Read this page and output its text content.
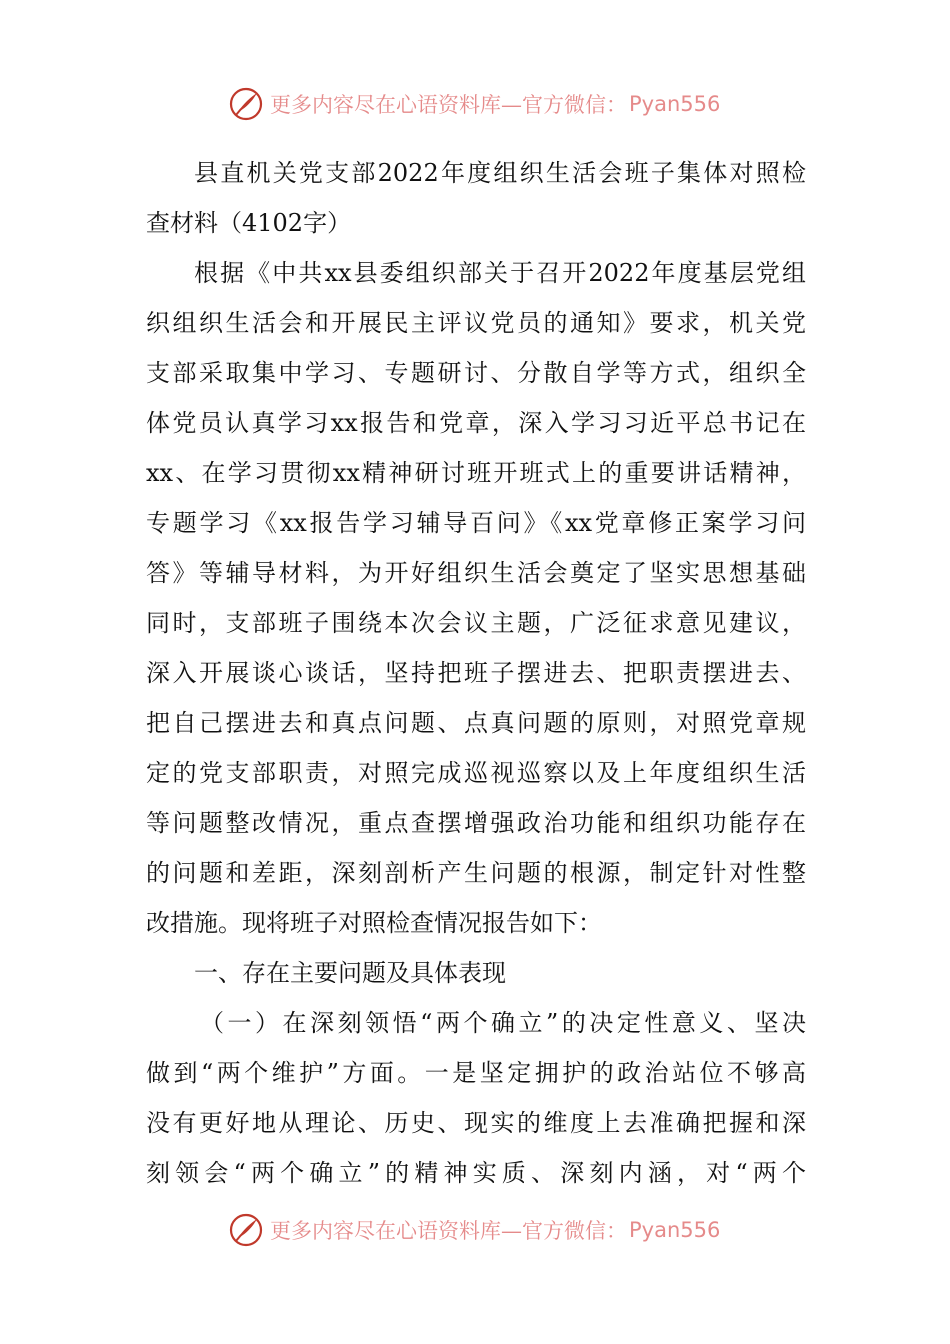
更多内容尽在心语资料库—官方微信： Pyan556
县直机关党支部2022年度组织生活会班子集体对照检
查材料（4102字）
根据《中共xx县委组织部关于召开2022年度基层党组
织组织生活会和开展民主评议党员的通知》要求，机关党
支部采取集中学习、专题研讨、分散自学等方式，组织全
体党员认真学习xx报告和党章，深入学习习近平总书记在
xx、在学习贯彻xx精神研讨班开班式上的重要讲话精神，
专题学习《xx报告学习辅导百问》《xx党章修正案学习问
答》等辅导材料，为开好组织生活会奠定了坚实思想基础
同时，支部班子围绕本次会议主题，广泛征求意见建议，
深入开展谈心谈话，坚持把班子摆进去、把职责摆进去、
把自己摆进去和真点问题、点真问题的原则，对照党章规
定的党支部职责，对照完成巡视巡察以及上年度组织生活
等问题整改情况，重点查摆增强政治功能和组织功能存在
的问题和差距，深刻剖析产生问题的根源，制定针对性整
改措施。现将班子对照检查情况报告如下：
一、存在主要问题及具体表现
（一）在深刻领悟“两个确立”的决定性意义、坚决
做到“两个维护”方面。一是坚定拥护的政治站位不够高
没有更好地从理论、历史、现实的维度上去准确把握和深
刻领会“两个确立”的精神实质、深刻内涵，对“两个
更多内容尽在心语资料库—官方微信： Pyan556
